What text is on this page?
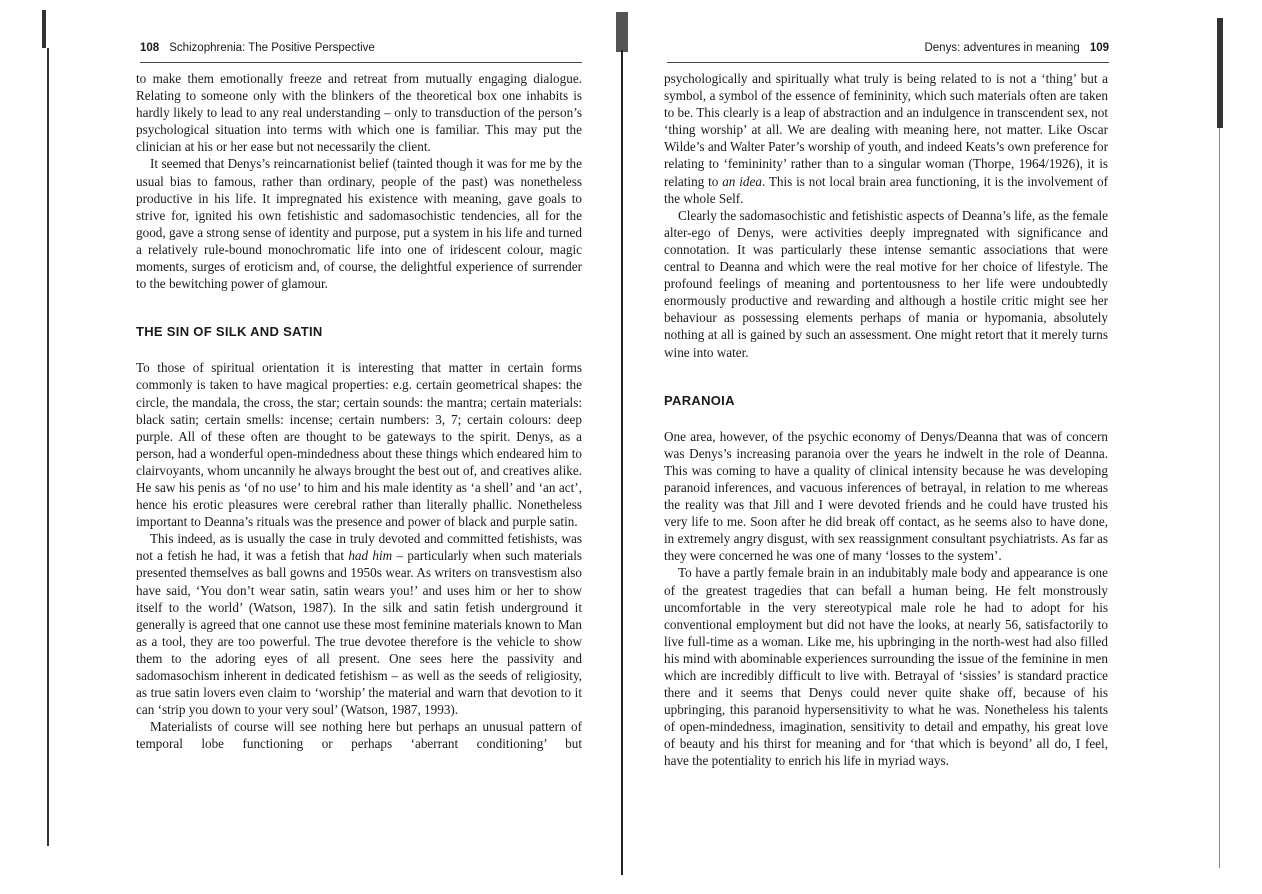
108 Schizophrenia: The Positive Perspective

to make them emotionally freeze and retreat from mutually engaging dialogue. Relating to someone only with the blinkers of the theoretical box one inhabits is hardly likely to lead to any real understanding – only to transduction of the person’s psychological situation into terms with which one is familiar. This may put the clinician at his or her ease but not necessarily the client.

It seemed that Denys’s reincarnationist belief (tainted though it was for me by the usual bias to famous, rather than ordinary, people of the past) was nonetheless productive in his life. It impregnated his existence with meaning, gave goals to strive for, ignited his own fetishistic and sadomasochistic tendencies, all for the good, gave a strong sense of identity and purpose, put a system in his life and turned a relatively rule-bound monochromatic life into one of iridescent colour, magic moments, surges of eroticism and, of course, the delightful experience of surrender to the bewitching power of glamour.

THE SIN OF SILK AND SATIN

To those of spiritual orientation it is interesting that matter in certain forms commonly is taken to have magical properties: e.g. certain geometrical shapes: the circle, the mandala, the cross, the star; certain sounds: the mantra; certain materials: black satin; certain smells: incense; certain numbers: 3, 7; certain colours: deep purple. All of these often are thought to be gateways to the spirit. Denys, as a person, had a wonderful open-mindedness about these things which endeared him to clairvoyants, whom uncannily he always brought the best out of, and creatives alike. He saw his penis as ‘of no use’ to him and his male identity as ‘a shell’ and ‘an act’, hence his erotic pleasures were cerebral rather than literally phallic. Nonetheless important to Deanna’s rituals was the presence and power of black and purple satin.

This indeed, as is usually the case in truly devoted and committed fetishists, was not a fetish he had, it was a fetish that had him – particularly when such materials presented themselves as ball gowns and 1950s wear. As writers on transvestism also have said, ‘You don’t wear satin, satin wears you!’ and uses him or her to show itself to the world’ (Watson, 1987). In the silk and satin fetish underground it generally is agreed that one cannot use these most feminine materials known to Man as a tool, they are too powerful. The true devotee therefore is the vehicle to show them to the adoring eyes of all present. One sees here the passivity and sadomasochism inherent in dedicated fetishism – as well as the seeds of religiosity, as true satin lovers even claim to ‘worship’ the material and warn that devotion to it can ‘strip you down to your very soul’ (Watson, 1987, 1993).

Materialists of course will see nothing here but perhaps an unusual pattern of temporal lobe functioning or perhaps ‘aberrant conditioning’ but

Denys: adventures in meaning 109

psychologically and spiritually what truly is being related to is not a ‘thing’ but a symbol, a symbol of the essence of femininity, which such materials often are taken to be. This clearly is a leap of abstraction and an indulgence in transcendent sex, not ‘thing worship’ at all. We are dealing with meaning here, not matter. Like Oscar Wilde’s and Walter Pater’s worship of youth, and indeed Keats’s own preference for relating to ‘femininity’ rather than to a singular woman (Thorpe, 1964/1926), it is relating to an idea. This is not local brain area functioning, it is the involvement of the whole Self.

Clearly the sadomasochistic and fetishistic aspects of Deanna’s life, as the female alter-ego of Denys, were activities deeply impregnated with significance and connotation. It was particularly these intense semantic associations that were central to Deanna and which were the real motive for her choice of lifestyle. The profound feelings of meaning and portentousness to her life were undoubtedly enormously productive and rewarding and although a hostile critic might see her behaviour as possessing elements perhaps of mania or hypomania, absolutely nothing at all is gained by such an assessment. One might retort that it merely turns wine into water.

PARANOIA

One area, however, of the psychic economy of Denys/Deanna that was of concern was Denys’s increasing paranoia over the years he indwelt in the role of Deanna. This was coming to have a quality of clinical intensity because he was developing paranoid inferences, and vacuous inferences of betrayal, in relation to me whereas the reality was that Jill and I were devoted friends and he could have trusted his very life to me. Soon after he did break off contact, as he seems also to have done, in extremely angry disgust, with sex reassignment consultant psychiatrists. As far as they were concerned he was one of many ‘losses to the system’.

To have a partly female brain in an indubitably male body and appearance is one of the greatest tragedies that can befall a human being. He felt monstrously uncomfortable in the very stereotypical male role he had to adopt for his conventional employment but did not have the looks, at nearly 56, satisfactorily to live full-time as a woman. Like me, his upbringing in the north-west had also filled his mind with abominable experiences surrounding the issue of the feminine in men which are incredibly difficult to live with. Betrayal of ‘sissies’ is standard practice there and it seems that Denys could never quite shake off, because of his upbringing, this paranoid hypersensitivity to what he was. Nonetheless his talents of open-mindedness, imagination, sensitivity to detail and empathy, his great love of beauty and his thirst for meaning and for ‘that which is beyond’ all do, I feel, have the potentiality to enrich his life in myriad ways.
